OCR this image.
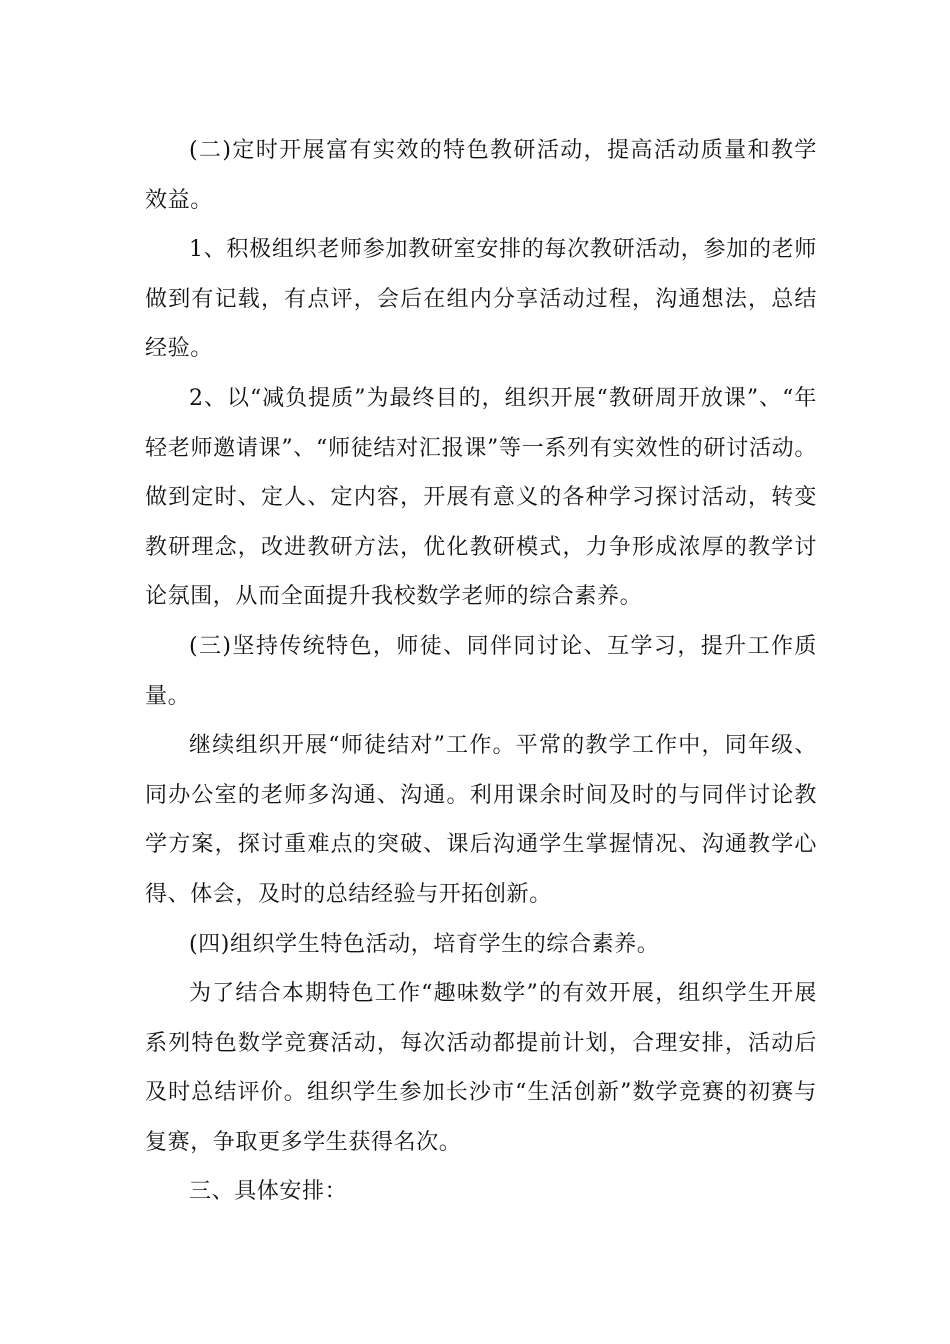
(二)定时开展富有实效的特色教研活动，提高活动质量和教学效益。

1、积极组织老师参加教研室安排的每次教研活动，参加的老师做到有记载，有点评，会后在组内分享活动过程，沟通想法，总结经验。

2、以“减负提质”为最终目的，组织开展“教研周开放课”、“年轻老师邀请课”、“师徒结对汇报课”等一系列有实效性的研讨活动。做到定时、定人、定内容，开展有意义的各种学习探讨活动，转变教研理念，改进教研方法，优化教研模式，力争形成浓厚的教学讨论氛围，从而全面提升我校数学老师的综合素养。

(三)坚持传统特色，师徒、同伴同讨论、互学习，提升工作质量。

继续组织开展“师徒结对”工作。平常的教学工作中，同年级、同办公室的老师多沟通、沟通。利用课余时间及时的与同伴讨论教学方案，探讨重难点的突破、课后沟通学生掌握情况、沟通教学心得、体会，及时的总结经验与开拓创新。

(四)组织学生特色活动，培育学生的综合素养。

为了结合本期特色工作“趣味数学”的有效开展，组织学生开展系列特色数学竞赛活动，每次活动都提前计划，合理安排，活动后及时总结评价。组织学生参加长沙市“生活创新”数学竞赛的初赛与复赛，争取更多学生获得名次。

三、具体安排：
